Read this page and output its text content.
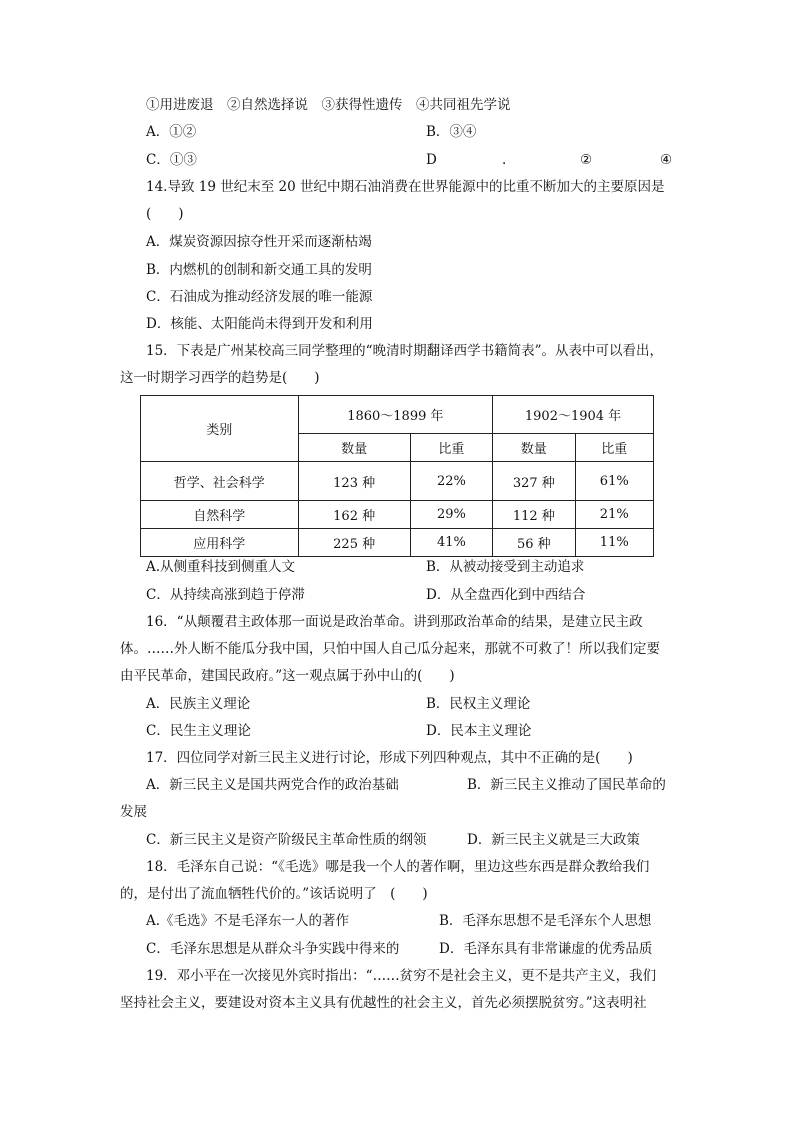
①用进废退　②自然选择说　③获得性遗传　④共同祖先学说
A．①②	B．③④
C．①③	D	.	②	④
14.导致 19 世纪末至 20 世纪中期石油消费在世界能源中的比重不断加大的主要原因是
(　　)
A．煤炭资源因掠夺性开采而逐渐枯竭
B．内燃机的创制和新交通工具的发明
C．石油成为推动经济发展的唯一能源
D．核能、太阳能尚未得到开发和利用
15．下表是广州某校高三同学整理的“晚清时期翻译西学书籍简表”。从表中可以看出，
这一时期学习西学的趋势是(　　)
类别	1860～1899 年		1902～1904 年	
	数量	比重	数量	比重
哲学、社会科学	123 种	22%	327 种	61%
自然科学	162 种	29%	112 种	21%
应用科学	225 种	41%	56 种	11%
A.从侧重科技到侧重人文	B．从被动接受到主动追求
C．从持续高涨到趋于停滞	D．从全盘西化到中西结合
16．“从颠覆君主政体那一面说是政治革命。讲到那政治革命的结果，是建立民主政
体。……外人断不能瓜分我中国，只怕中国人自己瓜分起来，那就不可救了！所以我们定要
由平民革命，建国民政府。”这一观点属于孙中山的(　　)
A．民族主义理论	B．民权主义理论
C．民生主义理论	D．民本主义理论
17．四位同学对新三民主义进行讨论，形成下列四种观点，其中不正确的是(　　)
A．新三民主义是国共两党合作的政治基础	B．新三民主义推动了国民革命的
发展
C．新三民主义是资产阶级民主革命性质的纲领	D．新三民主义就是三大政策
18．毛泽东自己说：“《毛选》哪是我一个人的著作啊，里边这些东西是群众教给我们
的，是付出了流血牺牲代价的。”该话说明了　(　　)
A.《毛选》不是毛泽东一人的著作	B．毛泽东思想不是毛泽东个人思想
C．毛泽东思想是从群众斗争实践中得来的	D．毛泽东具有非常谦虚的优秀品质
19．邓小平在一次接见外宾时指出：“……贫穷不是社会主义，更不是共产主义，我们
坚持社会主义，要建设对资本主义具有优越性的社会主义，首先必须摆脱贫穷。”这表明社
